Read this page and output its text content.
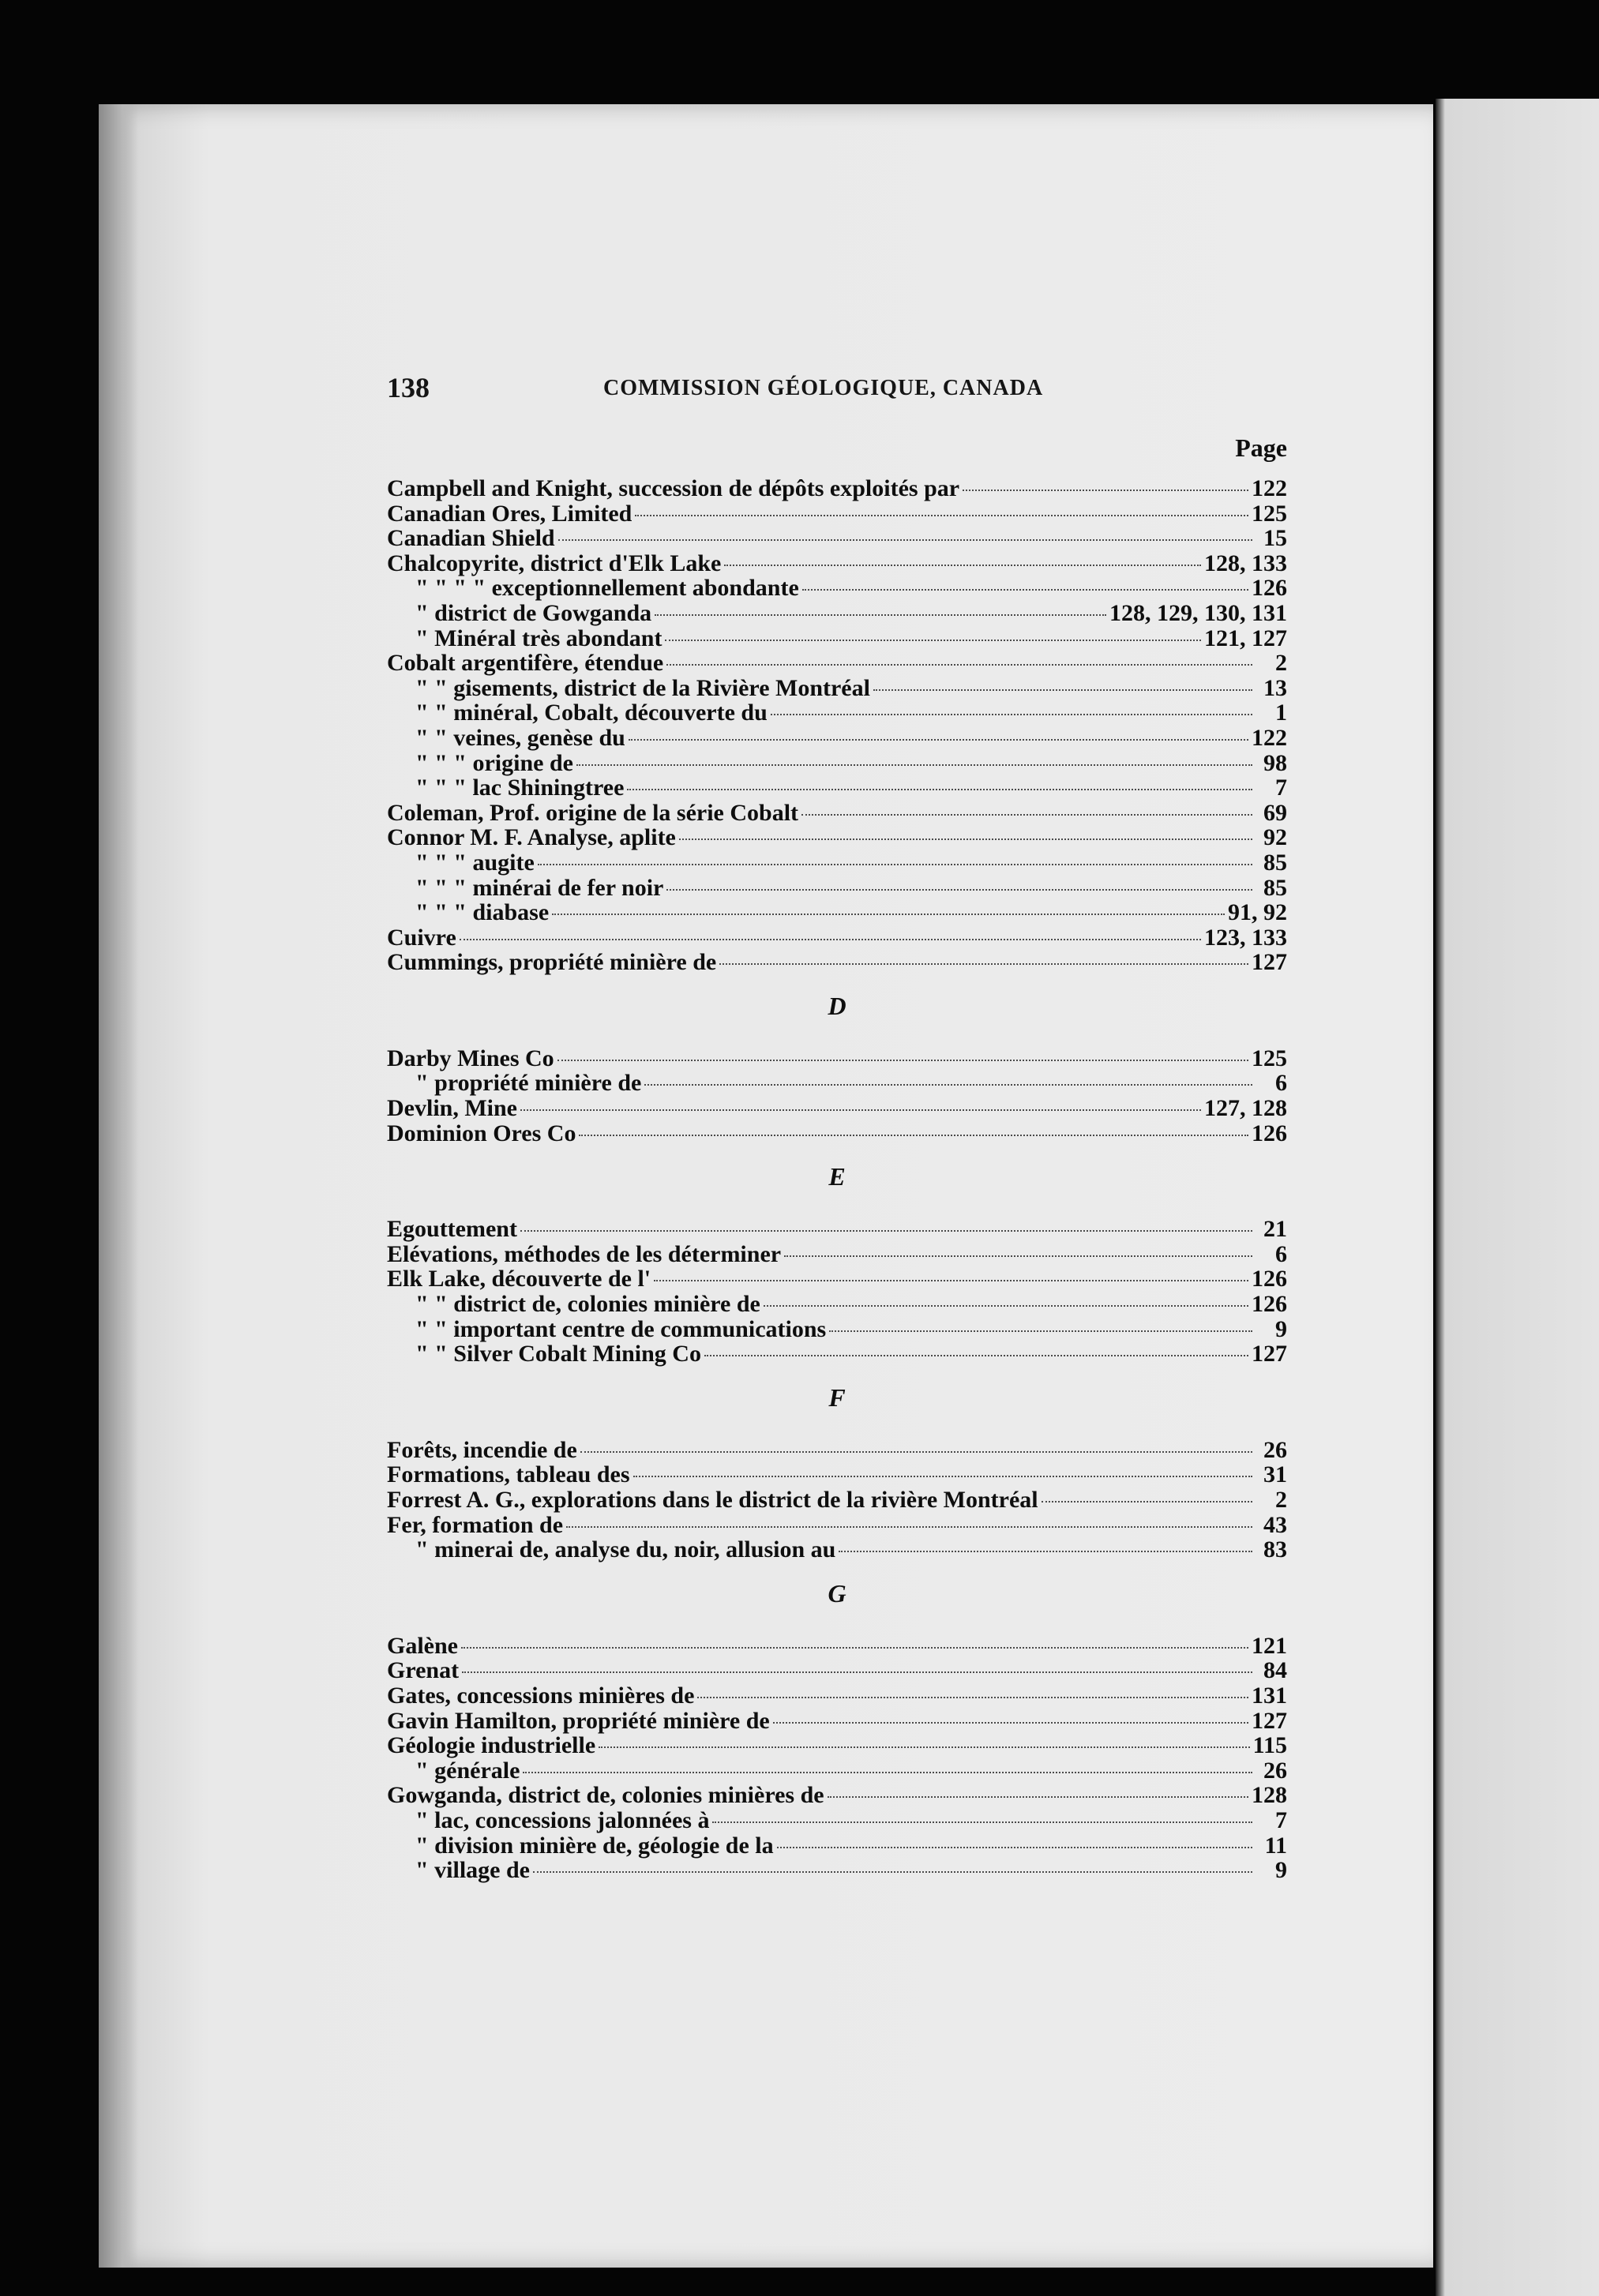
138	COMMISSION GÉOLOGIQUE, CANADA
Page
Campbell and Knight, succession de dépôts exploités par	122
Canadian Ores, Limited	125
Canadian Shield	15
Chalcopyrite, district d'Elk Lake	128, 133
" " " " exceptionnellement abondante	126
" district de Gowganda	128, 129, 130, 131
" Minéral très abondant	121, 127
Cobalt argentifère, étendue	2
" " gisements, district de la Rivière Montréal	13
" " minéral, Cobalt, découverte du	1
" " veines, genèse du	122
" " " origine de	98
" " " lac Shiningtree	7
Coleman, Prof. origine de la série Cobalt	69
Connor M. F. Analyse, aplite	92
" " " augite	85
" " " minérai de fer noir	85
" " " diabase	91, 92
Cuivre	123, 133
Cummings, propriété minière de	127
D
Darby Mines Co	125
" propriété minière de	6
Devlin, Mine	127, 128
Dominion Ores Co	126
E
Egouttement	21
Elévations, méthodes de les déterminer	6
Elk Lake, découverte de l'	126
" " district de, colonies minière de	126
" " important centre de communications	9
" " Silver Cobalt Mining Co	127
F
Forêts, incendie de	26
Formations, tableau des	31
Forrest A. G., explorations dans le district de la rivière Montréal	2
Fer, formation de	43
" minerai de, analyse du, noir, allusion au	83
G
Galène	121
Grenat	84
Gates, concessions minières de	131
Gavin Hamilton, propriété minière de	127
Géologie industrielle	115
" générale	26
Gowganda, district de, colonies minières de	128
" lac, concessions jalonnées à	7
" division minière de, géologie de la	11
" village de	9
